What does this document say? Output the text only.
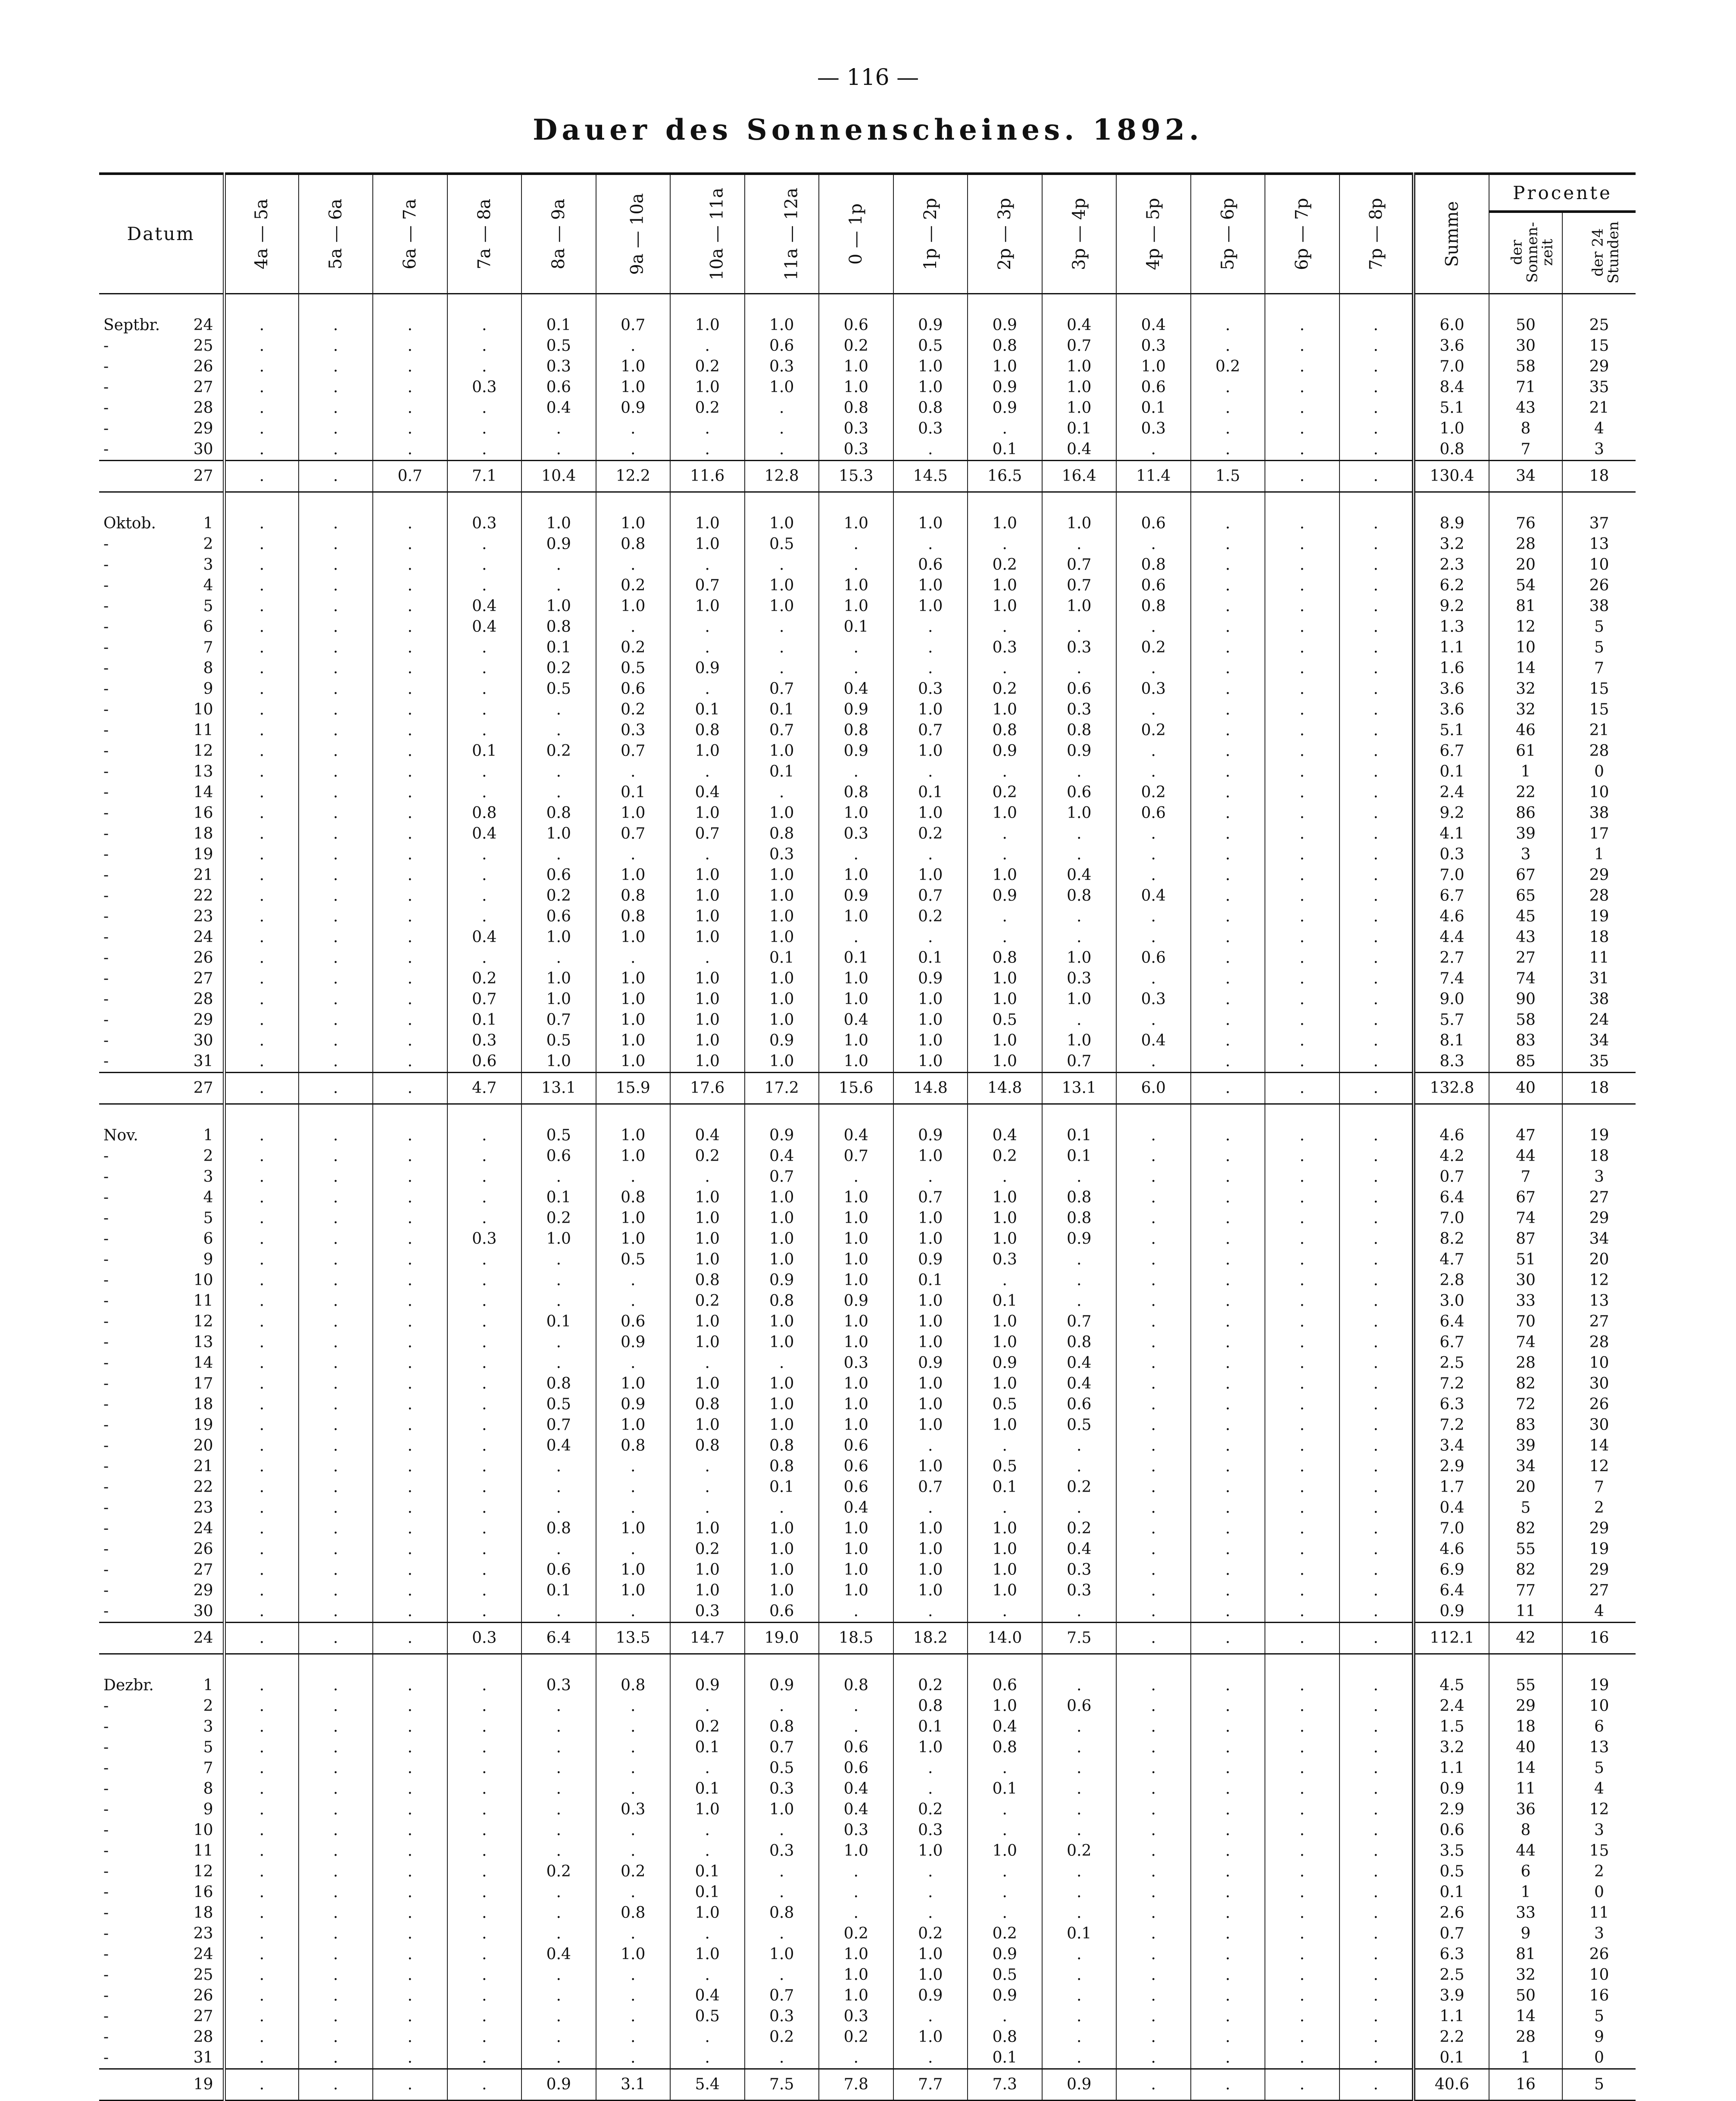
— 116 —
Dauer des Sonnenscheines. 1892.
Datum	4a — 5a	5a — 6a	6a — 7a	7a — 8a	8a — 9a	9a — 10a	10a — 11a	11a — 12a	0 — 1p	1p — 2p	2p — 3p	3p — 4p	4p — 5p	5p — 6p	6p — 7p	7p — 8p	Summe	Procente	
																		der Sonnen-zeit	der 24 Stunden

Septbr. 24	.	.	.	.	0.1	0.7	1.0	1.0	0.6	0.9	0.9	0.4	0.4	.	.	.	6.0	50	25

- 25	.	.	.	.	0.5	.	.	0.6	0.2	0.5	0.8	0.7	0.3	.	.	.	3.6	30	15

- 26	.	.	.	.	0.3	1.0	0.2	0.3	1.0	1.0	1.0	1.0	1.0	0.2	.	.	7.0	58	29

- 27	.	.	.	0.3	0.6	1.0	1.0	1.0	1.0	1.0	0.9	1.0	0.6	.	.	.	8.4	71	35

- 28	.	.	.	.	0.4	0.9	0.2	.	0.8	0.8	0.9	1.0	0.1	.	.	.	5.1	43	21

- 29	.	.	.	.	.	.	.	.	0.3	0.3	.	0.1	0.3	.	.	.	1.0	8	4

- 30	.	.	.	.	.	.	.	.	0.3	.	0.1	0.4	.	.	.	.	0.8	7	3
27	.	.	0.7	7.1	10.4	12.2	11.6	12.8	15.3	14.5	16.5	16.4	11.4	1.5	.	.	130.4	34	18

Oktob. 1	.	.	.	0.3	1.0	1.0	1.0	1.0	1.0	1.0	1.0	1.0	0.6	.	.	.	8.9	76	37

- 2	.	.	.	.	0.9	0.8	1.0	0.5	.	.	.	.	.	.	.	.	3.2	28	13

- 3	.	.	.	.	.	.	.	.	.	0.6	0.2	0.7	0.8	.	.	.	2.3	20	10

- 4	.	.	.	.	.	0.2	0.7	1.0	1.0	1.0	1.0	0.7	0.6	.	.	.	6.2	54	26

- 5	.	.	.	0.4	1.0	1.0	1.0	1.0	1.0	1.0	1.0	1.0	0.8	.	.	.	9.2	81	38

- 6	.	.	.	0.4	0.8	.	.	.	0.1	.	.	.	.	.	.	.	1.3	12	5

- 7	.	.	.	.	0.1	0.2	.	.	.	.	0.3	0.3	0.2	.	.	.	1.1	10	5

- 8	.	.	.	.	0.2	0.5	0.9	.	.	.	.	.	.	.	.	.	1.6	14	7

- 9	.	.	.	.	0.5	0.6	.	0.7	0.4	0.3	0.2	0.6	0.3	.	.	.	3.6	32	15

- 10	.	.	.	.	.	0.2	0.1	0.1	0.9	1.0	1.0	0.3	.	.	.	.	3.6	32	15

- 11	.	.	.	.	.	0.3	0.8	0.7	0.8	0.7	0.8	0.8	0.2	.	.	.	5.1	46	21

- 12	.	.	.	0.1	0.2	0.7	1.0	1.0	0.9	1.0	0.9	0.9	.	.	.	.	6.7	61	28

- 13	.	.	.	.	.	.	.	0.1	.	.	.	.	.	.	.	.	0.1	1	0

- 14	.	.	.	.	.	0.1	0.4	.	0.8	0.1	0.2	0.6	0.2	.	.	.	2.4	22	10

- 16	.	.	.	0.8	0.8	1.0	1.0	1.0	1.0	1.0	1.0	1.0	0.6	.	.	.	9.2	86	38

- 18	.	.	.	0.4	1.0	0.7	0.7	0.8	0.3	0.2	.	.	.	.	.	.	4.1	39	17

- 19	.	.	.	.	.	.	.	0.3	.	.	.	.	.	.	.	.	0.3	3	1

- 21	.	.	.	.	0.6	1.0	1.0	1.0	1.0	1.0	1.0	0.4	.	.	.	.	7.0	67	29

- 22	.	.	.	.	0.2	0.8	1.0	1.0	0.9	0.7	0.9	0.8	0.4	.	.	.	6.7	65	28

- 23	.	.	.	.	0.6	0.8	1.0	1.0	1.0	0.2	.	.	.	.	.	.	4.6	45	19

- 24	.	.	.	0.4	1.0	1.0	1.0	1.0	.	.	.	.	.	.	.	.	4.4	43	18

- 26	.	.	.	.	.	.	.	0.1	0.1	0.1	0.8	1.0	0.6	.	.	.	2.7	27	11

- 27	.	.	.	0.2	1.0	1.0	1.0	1.0	1.0	0.9	1.0	0.3	.	.	.	.	7.4	74	31

- 28	.	.	.	0.7	1.0	1.0	1.0	1.0	1.0	1.0	1.0	1.0	0.3	.	.	.	9.0	90	38

- 29	.	.	.	0.1	0.7	1.0	1.0	1.0	0.4	1.0	0.5	.	.	.	.	.	5.7	58	24

- 30	.	.	.	0.3	0.5	1.0	1.0	0.9	1.0	1.0	1.0	1.0	0.4	.	.	.	8.1	83	34

- 31	.	.	.	0.6	1.0	1.0	1.0	1.0	1.0	1.0	1.0	0.7	.	.	.	.	8.3	85	35
27	.	.	.	4.7	13.1	15.9	17.6	17.2	15.6	14.8	14.8	13.1	6.0	.	.	.	132.8	40	18

Nov. 1	.	.	.	.	0.5	1.0	0.4	0.9	0.4	0.9	0.4	0.1	.	.	.	.	4.6	47	19

- 2	.	.	.	.	0.6	1.0	0.2	0.4	0.7	1.0	0.2	0.1	.	.	.	.	4.2	44	18

- 3	.	.	.	.	.	.	.	0.7	.	.	.	.	.	.	.	.	0.7	7	3

- 4	.	.	.	.	0.1	0.8	1.0	1.0	1.0	0.7	1.0	0.8	.	.	.	.	6.4	67	27

- 5	.	.	.	.	0.2	1.0	1.0	1.0	1.0	1.0	1.0	0.8	.	.	.	.	7.0	74	29

- 6	.	.	.	0.3	1.0	1.0	1.0	1.0	1.0	1.0	1.0	0.9	.	.	.	.	8.2	87	34

- 9	.	.	.	.	.	0.5	1.0	1.0	1.0	0.9	0.3	.	.	.	.	.	4.7	51	20

- 10	.	.	.	.	.	.	0.8	0.9	1.0	0.1	.	.	.	.	.	.	2.8	30	12

- 11	.	.	.	.	.	.	0.2	0.8	0.9	1.0	0.1	.	.	.	.	.	3.0	33	13

- 12	.	.	.	.	0.1	0.6	1.0	1.0	1.0	1.0	1.0	0.7	.	.	.	.	6.4	70	27

- 13	.	.	.	.	.	0.9	1.0	1.0	1.0	1.0	1.0	0.8	.	.	.	.	6.7	74	28

- 14	.	.	.	.	.	.	.	.	0.3	0.9	0.9	0.4	.	.	.	.	2.5	28	10

- 17	.	.	.	.	0.8	1.0	1.0	1.0	1.0	1.0	1.0	0.4	.	.	.	.	7.2	82	30

- 18	.	.	.	.	0.5	0.9	0.8	1.0	1.0	1.0	0.5	0.6	.	.	.	.	6.3	72	26

- 19	.	.	.	.	0.7	1.0	1.0	1.0	1.0	1.0	1.0	0.5	.	.	.	.	7.2	83	30

- 20	.	.	.	.	0.4	0.8	0.8	0.8	0.6	.	.	.	.	.	.	.	3.4	39	14

- 21	.	.	.	.	.	.	.	0.8	0.6	1.0	0.5	.	.	.	.	.	2.9	34	12

- 22	.	.	.	.	.	.	.	0.1	0.6	0.7	0.1	0.2	.	.	.	.	1.7	20	7

- 23	.	.	.	.	.	.	.	.	0.4	.	.	.	.	.	.	.	0.4	5	2

- 24	.	.	.	.	0.8	1.0	1.0	1.0	1.0	1.0	1.0	0.2	.	.	.	.	7.0	82	29

- 26	.	.	.	.	.	.	0.2	1.0	1.0	1.0	1.0	0.4	.	.	.	.	4.6	55	19

- 27	.	.	.	.	0.6	1.0	1.0	1.0	1.0	1.0	1.0	0.3	.	.	.	.	6.9	82	29

- 29	.	.	.	.	0.1	1.0	1.0	1.0	1.0	1.0	1.0	0.3	.	.	.	.	6.4	77	27

- 30	.	.	.	.	.	.	0.3	0.6	.	.	.	.	.	.	.	.	0.9	11	4
24	.	.	.	0.3	6.4	13.5	14.7	19.0	18.5	18.2	14.0	7.5	.	.	.	.	112.1	42	16

Dezbr. 1	.	.	.	.	0.3	0.8	0.9	0.9	0.8	0.2	0.6	.	.	.	.	.	4.5	55	19

- 2	.	.	.	.	.	.	.	.	.	0.8	1.0	0.6	.	.	.	.	2.4	29	10

- 3	.	.	.	.	.	.	0.2	0.8	.	0.1	0.4	.	.	.	.	.	1.5	18	6

- 5	.	.	.	.	.	.	0.1	0.7	0.6	1.0	0.8	.	.	.	.	.	3.2	40	13

- 7	.	.	.	.	.	.	.	0.5	0.6	.	.	.	.	.	.	.	1.1	14	5

- 8	.	.	.	.	.	.	0.1	0.3	0.4	.	0.1	.	.	.	.	.	0.9	11	4

- 9	.	.	.	.	.	0.3	1.0	1.0	0.4	0.2	.	.	.	.	.	.	2.9	36	12

- 10	.	.	.	.	.	.	.	.	0.3	0.3	.	.	.	.	.	.	0.6	8	3

- 11	.	.	.	.	.	.	.	0.3	1.0	1.0	1.0	0.2	.	.	.	.	3.5	44	15

- 12	.	.	.	.	0.2	0.2	0.1	.	.	.	.	.	.	.	.	.	0.5	6	2

- 16	.	.	.	.	.	.	0.1	.	.	.	.	.	.	.	.	.	0.1	1	0

- 18	.	.	.	.	.	0.8	1.0	0.8	.	.	.	.	.	.	.	.	2.6	33	11

- 23	.	.	.	.	.	.	.	.	0.2	0.2	0.2	0.1	.	.	.	.	0.7	9	3

- 24	.	.	.	.	0.4	1.0	1.0	1.0	1.0	1.0	0.9	.	.	.	.	.	6.3	81	26

- 25	.	.	.	.	.	.	.	.	1.0	1.0	0.5	.	.	.	.	.	2.5	32	10

- 26	.	.	.	.	.	.	0.4	0.7	1.0	0.9	0.9	.	.	.	.	.	3.9	50	16

- 27	.	.	.	.	.	.	0.5	0.3	0.3	.	.	.	.	.	.	.	1.1	14	5

- 28	.	.	.	.	.	.	.	0.2	0.2	1.0	0.8	.	.	.	.	.	2.2	28	9

- 31	.	.	.	.	.	.	.	.	.	.	0.1	.	.	.	.	.	0.1	1	0
19	.	.	.	.	0.9	3.1	5.4	7.5	7.8	7.7	7.3	0.9	.	.	.	.	40.6	16	5
